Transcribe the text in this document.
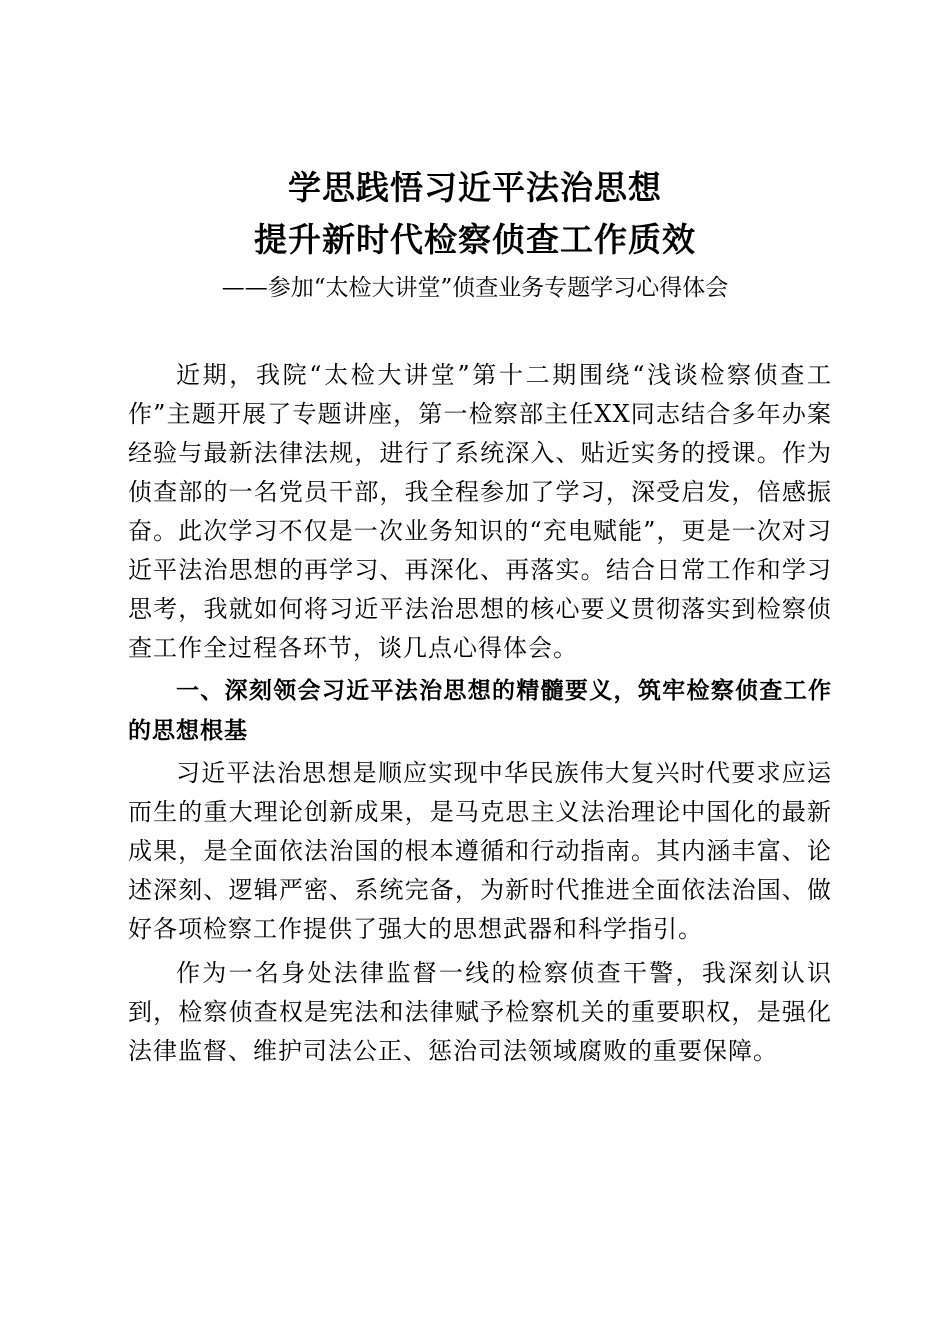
学思践悟习近平法治思想
提升新时代检察侦查工作质效
——参加“太检大讲堂”侦查业务专题学习心得体会

近期，我院“太检大讲堂”第十二期围绕“浅谈检察侦查工作”主题开展了专题讲座，第一检察部主任XX同志结合多年办案经验与最新法律法规，进行了系统深入、贴近实务的授课。作为侦查部的一名党员干部，我全程参加了学习，深受启发，倍感振奋。此次学习不仅是一次业务知识的“充电赋能”，更是一次对习近平法治思想的再学习、再深化、再落实。结合日常工作和学习思考，我就如何将习近平法治思想的核心要义贯彻落实到检察侦查工作全过程各环节，谈几点心得体会。

一、深刻领会习近平法治思想的精髓要义，筑牢检察侦查工作的思想根基

习近平法治思想是顺应实现中华民族伟大复兴时代要求应运而生的重大理论创新成果，是马克思主义法治理论中国化的最新成果，是全面依法治国的根本遵循和行动指南。其内涵丰富、论述深刻、逻辑严密、系统完备，为新时代推进全面依法治国、做好各项检察工作提供了强大的思想武器和科学指引。

作为一名身处法律监督一线的检察侦查干警，我深刻认识到，检察侦查权是宪法和法律赋予检察机关的重要职权，是强化法律监督、维护司法公正、惩治司法领域腐败的重要保障。
